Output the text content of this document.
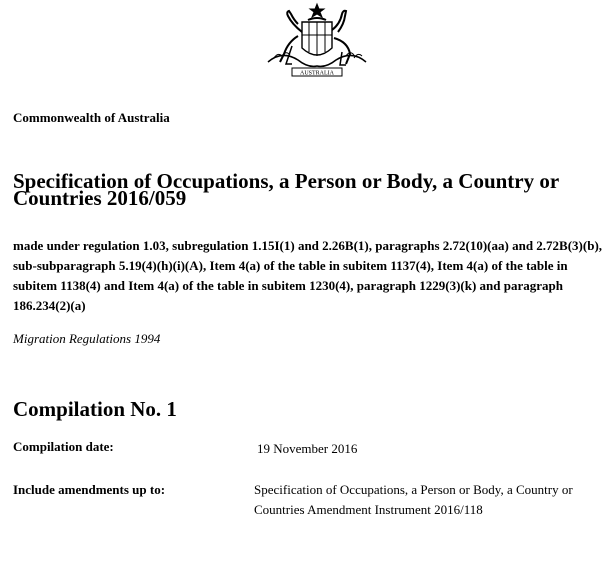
AUSTRALIA
Commonwealth of Australia
Specification of Occupations, a Person or Body, a Country or Countries 2016/059

made under regulation 1.03, subregulation 1.15I(1) and 2.26B(1), paragraphs 2.72(10)(aa) and 2.72B(3)(b), sub-subparagraph 5.19(4)(h)(i)(A), Item 4(a) of the table in subitem 1137(4), Item 4(a) of the table in subitem 1138(4) and Item 4(a) of the table in subitem 1230(4), paragraph 1229(3)(k) and paragraph 186.234(2)(a)

Migration Regulations 1994
Compilation No. 1
Compilation date:	19 November 2016
Include amendments up to:	Specification of Occupations, a Person or Body, a Country or Countries Amendment Instrument 2016/118
